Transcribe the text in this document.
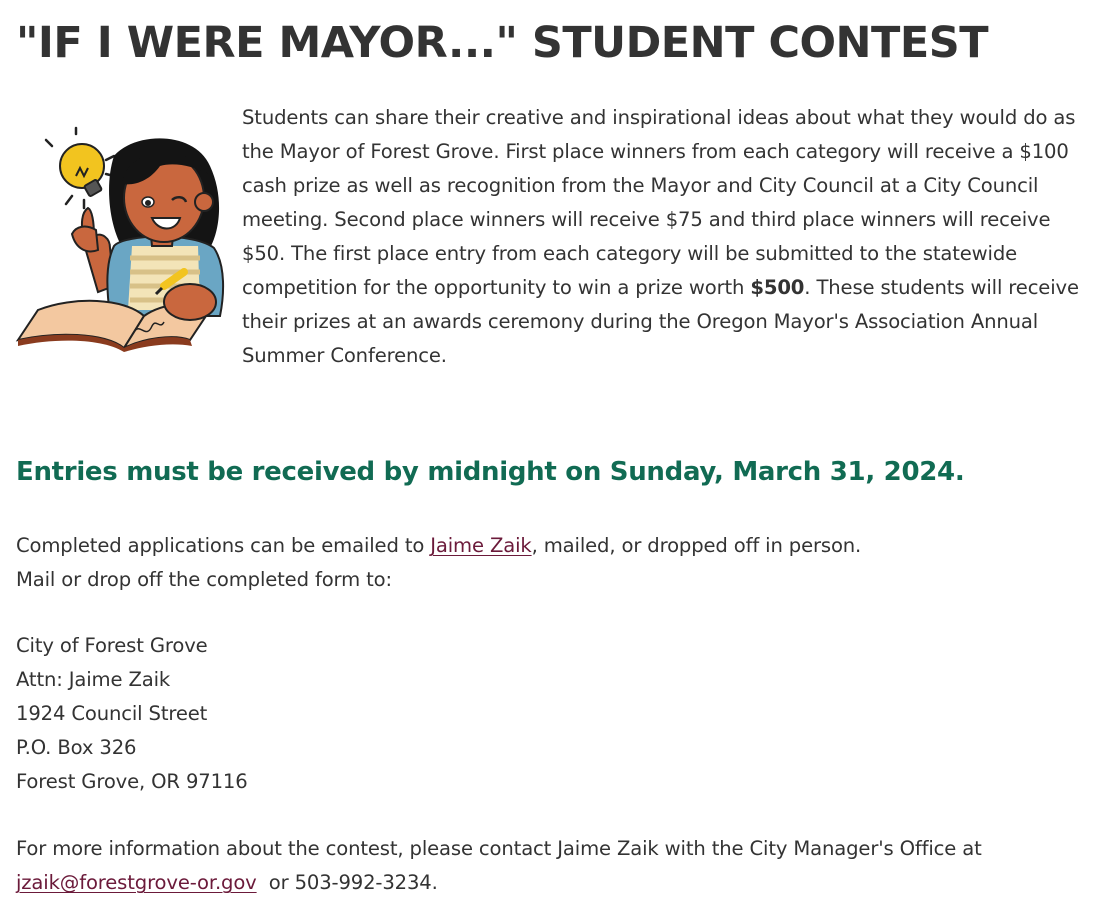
"IF I WERE MAYOR..." STUDENT CONTEST

Students can share their creative and inspirational ideas about what they would do as the Mayor of Forest Grove. First place winners from each category will receive a $100 cash prize as well as recognition from the Mayor and City Council at a City Council meeting. Second place winners will receive $75 and third place winners will receive $50. The first place entry from each category will be submitted to the statewide competition for the opportunity to win a prize worth $500. These students will receive their prizes at an awards ceremony during the Oregon Mayor's Association Annual Summer Conference.

Entries must be received by midnight on Sunday, March 31, 2024.

Completed applications can be emailed to Jaime Zaik, mailed, or dropped off in person.
Mail or drop off the completed form to:

City of Forest Grove
Attn: Jaime Zaik
1924 Council Street
P.O. Box 326
Forest Grove, OR 97116

For more information about the contest, please contact Jaime Zaik with the City Manager's Office at
jzaik@forestgrove-or.gov  or 503-992-3234.
